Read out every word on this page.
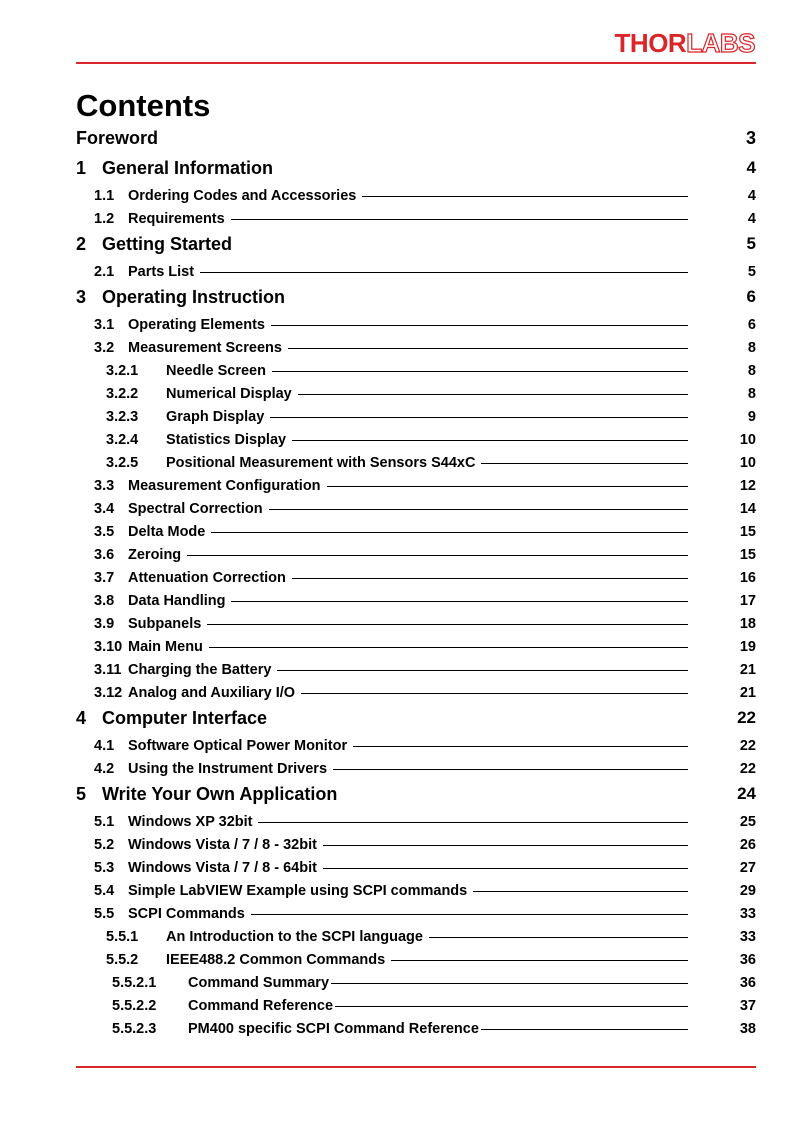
THOR LABS
Contents
Foreword	3
1 General Information	4
1.1 Ordering Codes and Accessories	4
1.2 Requirements	4
2 Getting Started	5
2.1 Parts List	5
3 Operating Instruction	6
3.1 Operating Elements	6
3.2 Measurement Screens	8
3.2.1	Needle Screen	8
3.2.2	Numerical Display	8
3.2.3	Graph Display	9
3.2.4	Statistics Display	10
3.2.5	Positional Measurement with Sensors S44xC	10
3.3 Measurement Configuration	12
3.4 Spectral Correction	14
3.5 Delta Mode	15
3.6 Zeroing	15
3.7 Attenuation Correction	16
3.8 Data Handling	17
3.9 Subpanels	18
3.10 Main Menu	19
3.11 Charging the Battery	21
3.12 Analog and Auxiliary I/O	21
4 Computer Interface	22
4.1 Software Optical Power Monitor	22
4.2 Using the Instrument Drivers	22
5 Write Your Own Application	24
5.1 Windows XP 32bit	25
5.2 Windows Vista / 7 / 8 - 32bit	26
5.3 Windows Vista / 7 / 8 - 64bit	27
5.4 Simple LabVIEW Example using SCPI commands	29
5.5 SCPI Commands	33
5.5.1	An Introduction to the SCPI language	33
5.5.2	IEEE488.2 Common Commands	36
5.5.2.1	Command Summary	36
5.5.2.2	Command Reference	37
5.5.2.3	PM400 specific SCPI Command Reference	38
